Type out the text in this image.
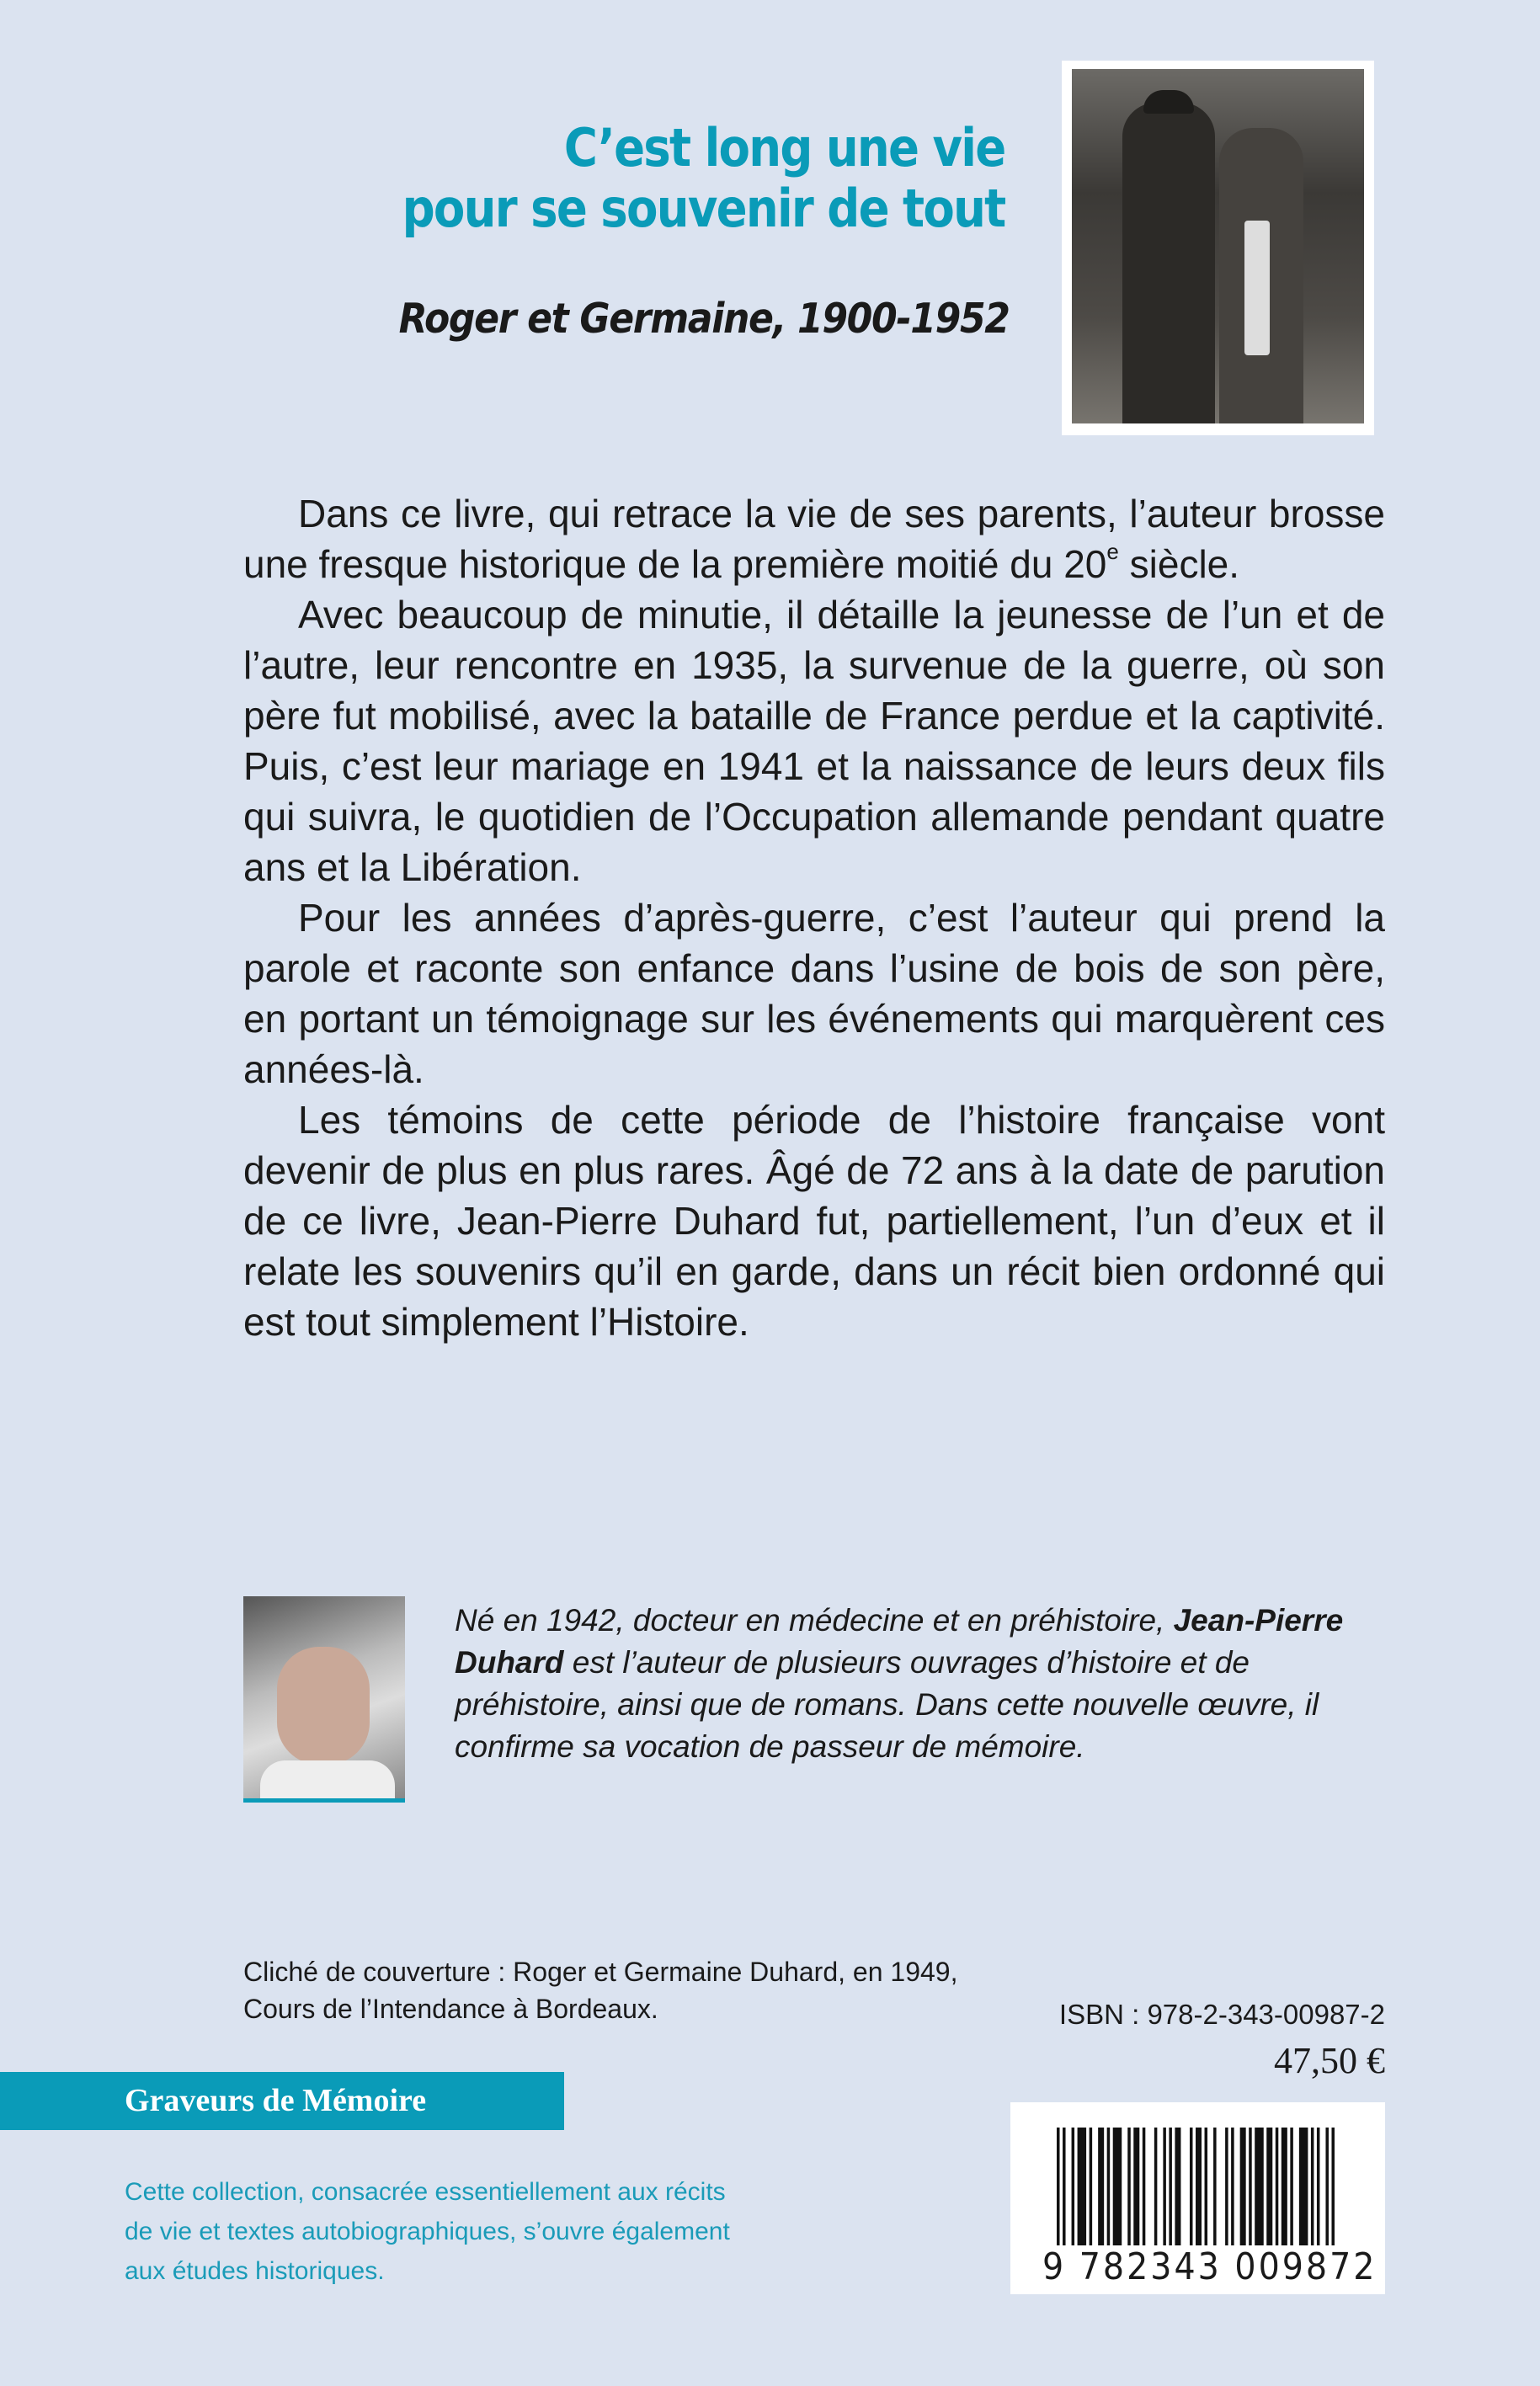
C’est long une vie
pour se souvenir de tout
Roger et Germaine, 1900-1952

Dans ce livre, qui retrace la vie de ses parents, l’auteur brosse une fresque historique de la première moitié du 20e siècle.

Avec beaucoup de minutie, il détaille la jeunesse de l’un et de l’autre, leur rencontre en 1935, la survenue de la guerre, où son père fut mobilisé, avec la bataille de France perdue et la captivité. Puis, c’est leur mariage en 1941 et la naissance de leurs deux fils qui suivra, le quotidien de l’Occupation allemande pendant quatre ans et la Libération.

Pour les années d’après-guerre, c’est l’auteur qui prend la parole et raconte son enfance dans l’usine de bois de son père, en portant un témoignage sur les événements qui marquèrent ces années-là.

Les témoins de cette période de l’histoire française vont devenir de plus en plus rares. Âgé de 72 ans à la date de parution de ce livre, Jean-Pierre Duhard fut, partiellement, l’un d’eux et il relate les souvenirs qu’il en garde, dans un récit bien ordonné qui est tout simplement l’Histoire.

Né en 1942, docteur en médecine et en préhistoire, Jean-Pierre Duhard est l’auteur de plusieurs ouvrages d’histoire et de préhistoire, ainsi que de romans. Dans cette nouvelle œuvre, il confirme sa vocation de passeur de mémoire.
Cliché de couverture : Roger et Germaine Duhard, en 1949,
Cours de l’Intendance à Bordeaux.	ISBN : 978-2-343-00987-2
47,50 €
Graveurs de Mémoire
Cette collection, consacrée essentiellement aux récits
de vie et textes autobiographiques, s’ouvre également
aux études historiques.	9 782343 009872
